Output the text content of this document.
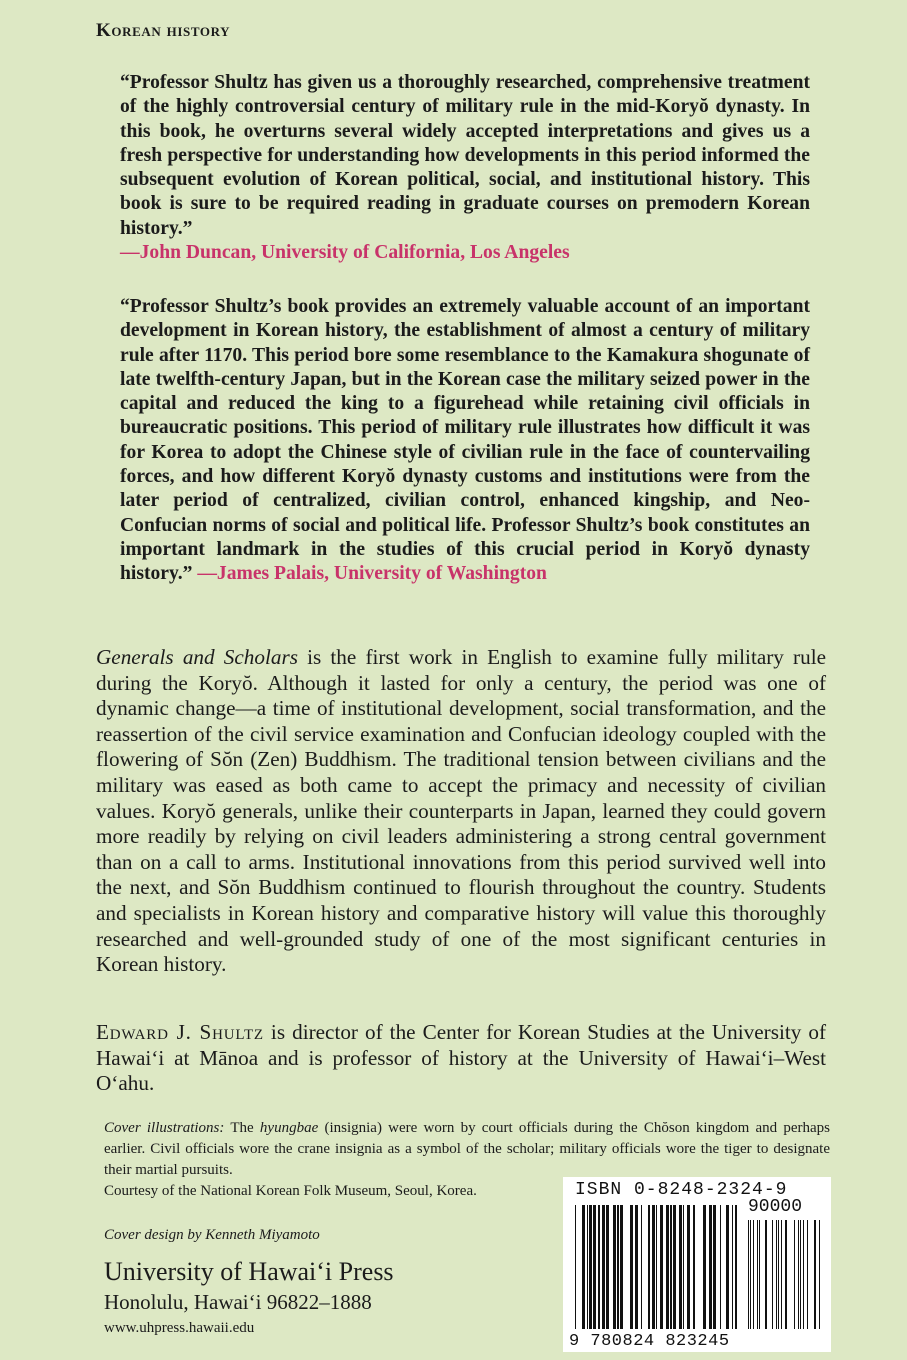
Korean history

“Professor Shultz has given us a thoroughly researched, comprehensive treatment of the highly controversial century of military rule in the mid-Koryŏ dynasty. In this book, he overturns several widely accepted interpretations and gives us a fresh perspective for understanding how developments in this period informed the subsequent evolution of Korean political, social, and institutional history. This book is sure to be required reading in graduate courses on premodern Korean history.”
—John Duncan, University of California, Los Angeles

“Professor Shultz’s book provides an extremely valuable account of an important development in Korean history, the establishment of almost a century of military rule after 1170. This period bore some resemblance to the Kamakura shogunate of late twelfth-century Japan, but in the Korean case the military seized power in the capital and reduced the king to a figurehead while retaining civil officials in bureaucratic positions. This period of military rule illustrates how difficult it was for Korea to adopt the Chinese style of civilian rule in the face of countervailing forces, and how different Koryŏ dynasty customs and institutions were from the later period of centralized, civilian control, enhanced kingship, and Neo-Confucian norms of social and political life. Professor Shultz’s book constitutes an important landmark in the studies of this crucial period in Koryŏ dynasty history.” —James Palais, University of Washington

Generals and Scholars is the first work in English to examine fully military rule during the Koryŏ. Although it lasted for only a century, the period was one of dynamic change—a time of institutional development, social transformation, and the reassertion of the civil service examination and Confucian ideology coupled with the flowering of Sŏn (Zen) Buddhism. The traditional tension between civilians and the military was eased as both came to accept the primacy and necessity of civilian values. Koryŏ generals, unlike their counterparts in Japan, learned they could govern more readily by relying on civil leaders administering a strong central government than on a call to arms. Institutional innovations from this period survived well into the next, and Sŏn Buddhism continued to flourish throughout the country. Students and specialists in Korean history and comparative history will value this thoroughly researched and well-grounded study of one of the most significant centuries in Korean history.

Edward J. Shultz is director of the Center for Korean Studies at the University of Hawai‘i at Mānoa and is professor of history at the University of Hawai‘i–West O‘ahu.

Cover illustrations: The hyungbae (insignia) were worn by court officials during the Chŏson kingdom and perhaps earlier. Civil officials wore the crane insignia as a symbol of the scholar; military officials wore the tiger to designate their martial pursuits.

Courtesy of the National Korean Folk Museum, Seoul, Korea.

Cover design by Kenneth Miyamoto
University of Hawai‘i Press
Honolulu, Hawai‘i 96822–1888
www.uhpress.hawaii.edu
ISBN 0-8248-2324-9
90000
9 780824 823245
